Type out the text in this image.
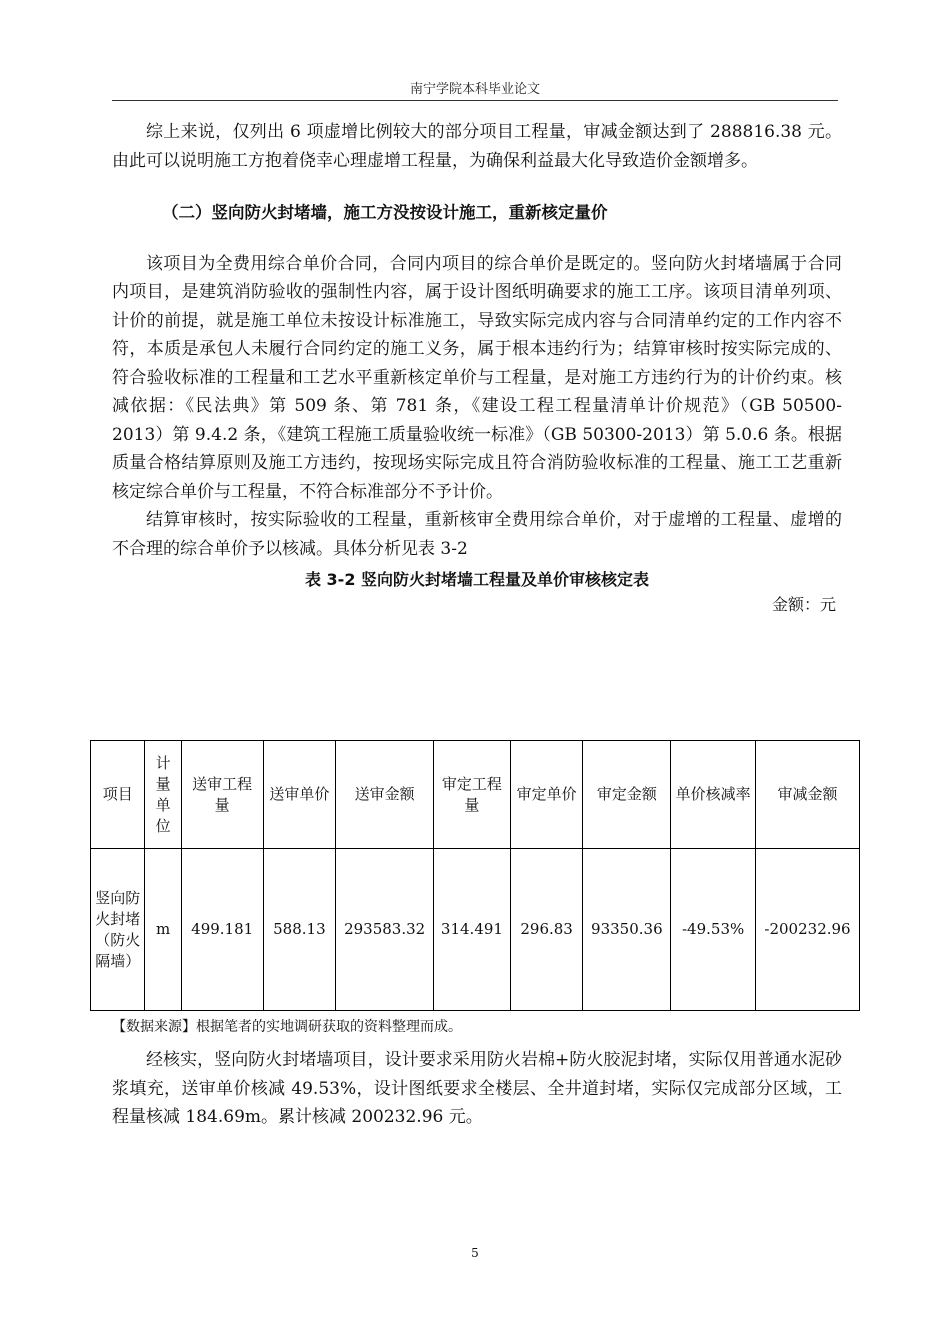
南宁学院本科毕业论文

综上来说，仅列出 6 项虚增比例较大的部分项目工程量，审减金额达到了 288816.38 元。由此可以说明施工方抱着侥幸心理虚增工程量，为确保利益最大化导致造价金额增多。

（二）竖向防火封堵墙，施工方没按设计施工，重新核定量价

该项目为全费用综合单价合同，合同内项目的综合单价是既定的。竖向防火封堵墙属于合同内项目，是建筑消防验收的强制性内容，属于设计图纸明确要求的施工工序。该项目清单列项、计价的前提，就是施工单位未按设计标准施工，导致实际完成内容与合同清单约定的工作内容不符，本质是承包人未履行合同约定的施工义务，属于根本违约行为；结算审核时按实际完成的、符合验收标准的工程量和工艺水平重新核定单价与工程量，是对施工方违约行为的计价约束。核减依据：《民法典》第 509 条、第 781 条，《建设工程工程量清单计价规范》（GB 50500-2013）第 9.4.2 条，《建筑工程施工质量验收统一标准》（GB 50300-2013）第 5.0.6 条。根据质量合格结算原则及施工方违约，按现场实际完成且符合消防验收标准的工程量、施工工艺重新核定综合单价与工程量，不符合标准部分不予计价。

结算审核时，按实际验收的工程量，重新核审全费用综合单价，对于虚增的工程量、虚增的不合理的综合单价予以核减。具体分析见表 3-2

表 3-2 竖向防火封堵墙工程量及单价审核核定表
金额：元
项目	计量单位	送审工程量	送审单价	送审金额	审定工程量	审定单价	审定金额	单价核减率	审减金额
竖向防火封堵（防火隔墙）	m	499.181	588.13	293583.32	314.491	296.83	93350.36	-49.53%	-200232.96
【数据来源】根据笔者的实地调研获取的资料整理而成。

经核实，竖向防火封堵墙项目，设计要求采用防火岩棉+防火胶泥封堵，实际仅用普通水泥砂浆填充，送审单价核减 49.53%，设计图纸要求全楼层、全井道封堵，实际仅完成部分区域，工程量核减 184.69m。累计核减 200232.96 元。

5
